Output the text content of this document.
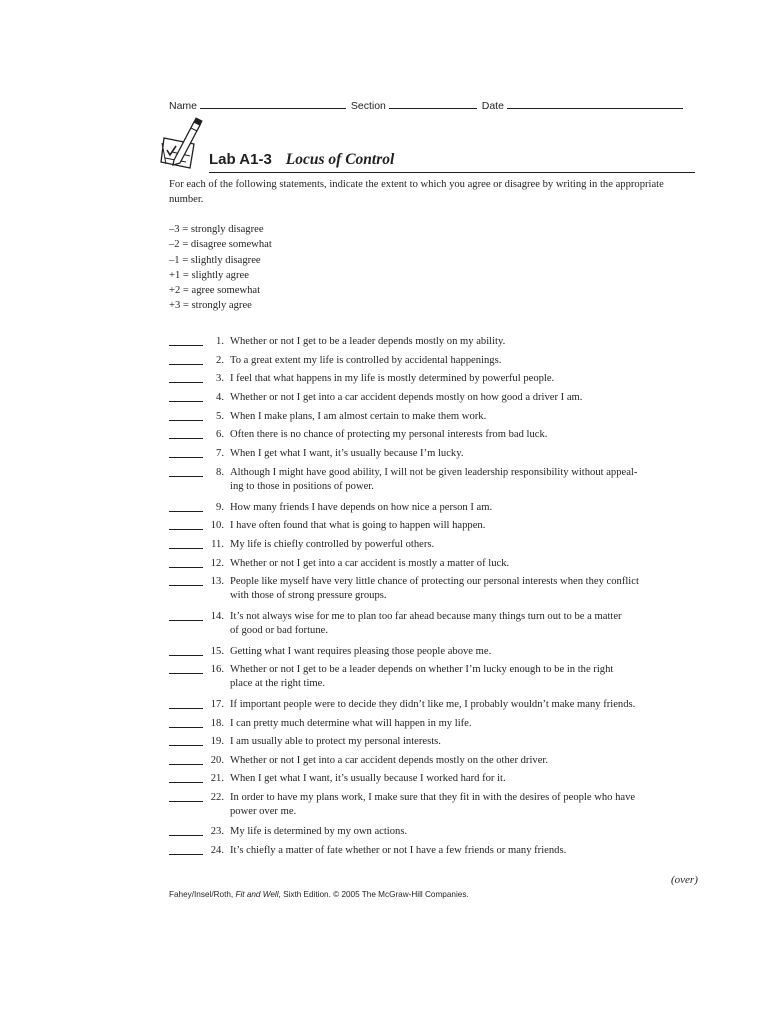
Name	Section	Date
Lab A1-3 Locus of Control
For each of the following statements, indicate the extent to which you agree or disagree by writing in the appropriate number.
–3 = strongly disagree
–2 = disagree somewhat
–1 = slightly disagree
+1 = slightly agree
+2 = agree somewhat
+3 = strongly agree
1. Whether or not I get to be a leader depends mostly on my ability.
2. To a great extent my life is controlled by accidental happenings.
3. I feel that what happens in my life is mostly determined by powerful people.
4. Whether or not I get into a car accident depends mostly on how good a driver I am.
5. When I make plans, I am almost certain to make them work.
6. Often there is no chance of protecting my personal interests from bad luck.
7. When I get what I want, it’s usually because I’m lucky.
8. Although I might have good ability, I will not be given leadership responsibility without appeal-
ing to those in positions of power.
9. How many friends I have depends on how nice a person I am.
10. I have often found that what is going to happen will happen.
11. My life is chiefly controlled by powerful others.
12. Whether or not I get into a car accident is mostly a matter of luck.
13. People like myself have very little chance of protecting our personal interests when they conflict
with those of strong pressure groups.
14. It’s not always wise for me to plan too far ahead because many things turn out to be a matter
of good or bad fortune.
15. Getting what I want requires pleasing those people above me.
16. Whether or not I get to be a leader depends on whether I’m lucky enough to be in the right
place at the right time.
17. If important people were to decide they didn’t like me, I probably wouldn’t make many friends.
18. I can pretty much determine what will happen in my life.
19. I am usually able to protect my personal interests.
20. Whether or not I get into a car accident depends mostly on the other driver.
21. When I get what I want, it’s usually because I worked hard for it.
22. In order to have my plans work, I make sure that they fit in with the desires of people who have
power over me.
23. My life is determined by my own actions.
24. It’s chiefly a matter of fate whether or not I have a few friends or many friends.
(over)
Fahey/Insel/Roth, Fit and Well, Sixth Edition. © 2005 The McGraw-Hill Companies.
